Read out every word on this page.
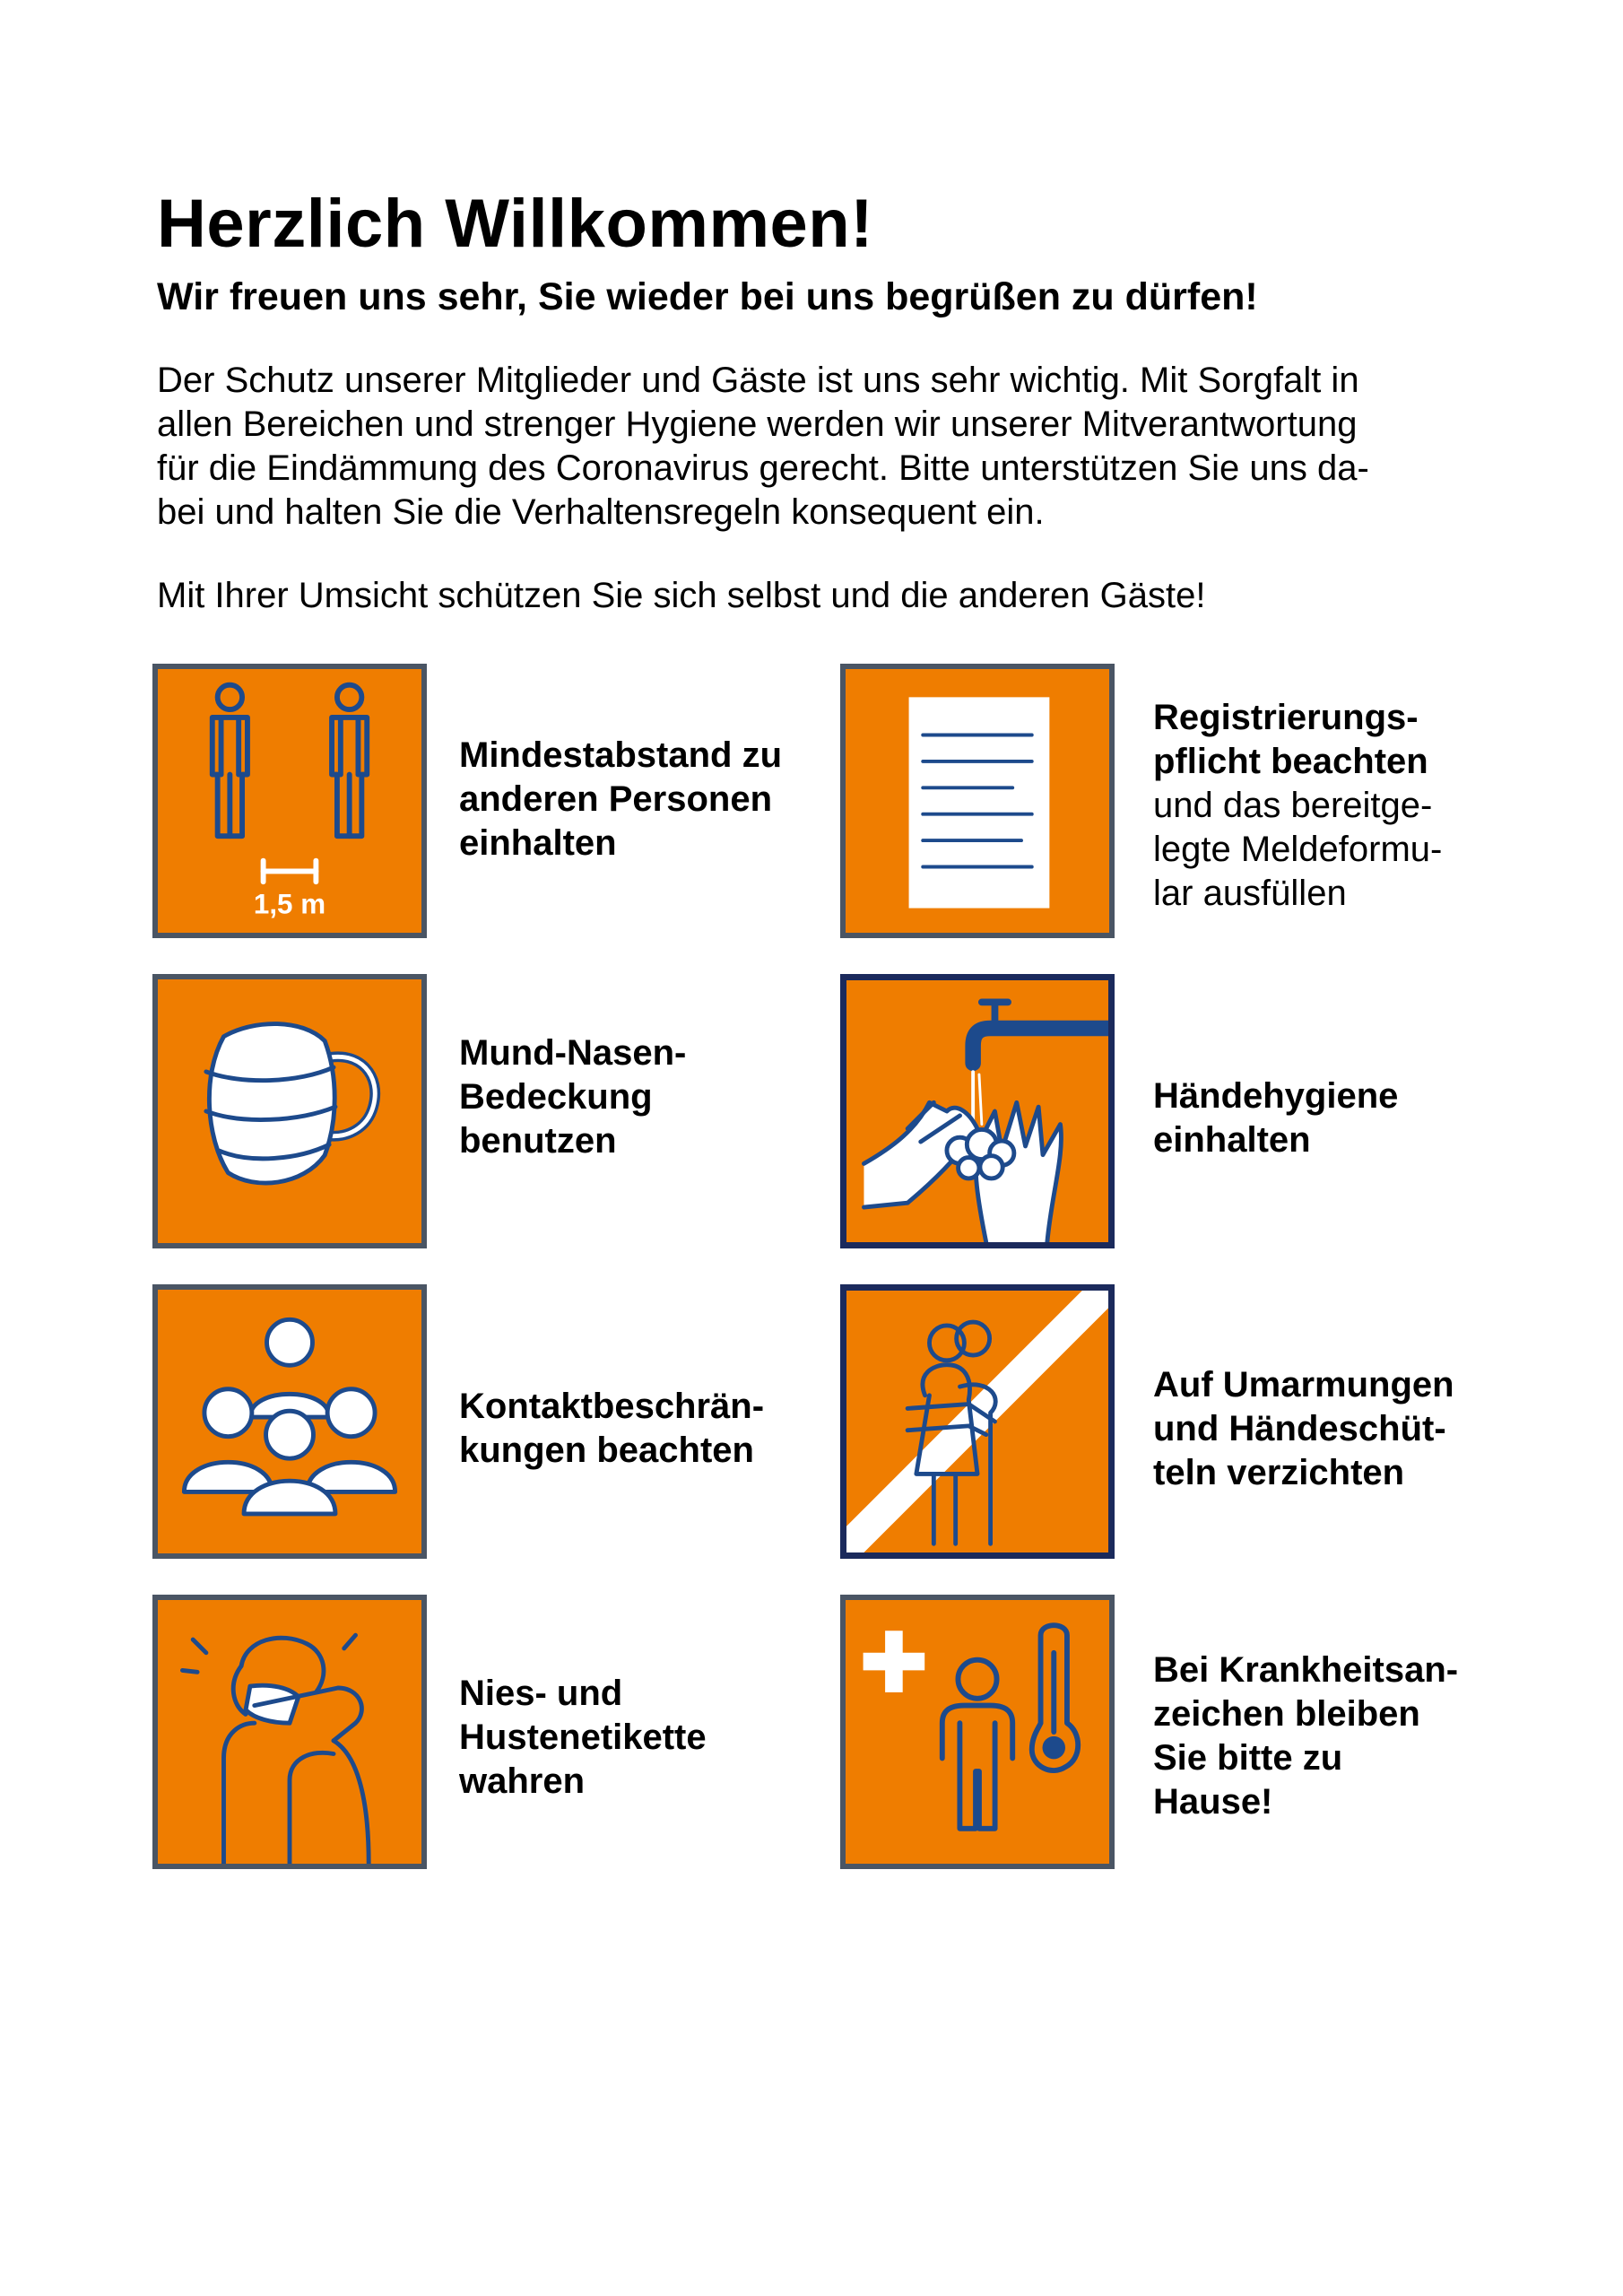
Herzlich Willkommen!
Wir freuen uns sehr, Sie wieder bei uns begrüßen zu dürfen!

Der Schutz unserer Mitglieder und Gäste ist uns sehr wichtig. Mit Sorgfalt in
allen Bereichen und strenger Hygiene werden wir unserer Mitverantwortung
für die Eindämmung des Coronavirus gerecht. Bitte unterstützen Sie uns da-
bei und halten Sie die Verhaltensregeln konsequent ein.

Mit Ihrer Umsicht schützen Sie sich selbst und die anderen Gäste!

1,5 m
Mindestabstand zu
anderen Personen
einhalten
Registrierungs-
pflicht beachten
und das bereitge-
legte Meldeformu-
lar ausfüllen
Mund-Nasen-
Bedeckung
benutzen
Händehygiene
einhalten
Kontaktbeschrän-
kungen beachten
Auf Umarmungen
und Händeschüt-
teln verzichten
Nies- und
Hustenetikette
wahren
Bei Krankheitsan-
zeichen bleiben
Sie bitte zu
Hause!
